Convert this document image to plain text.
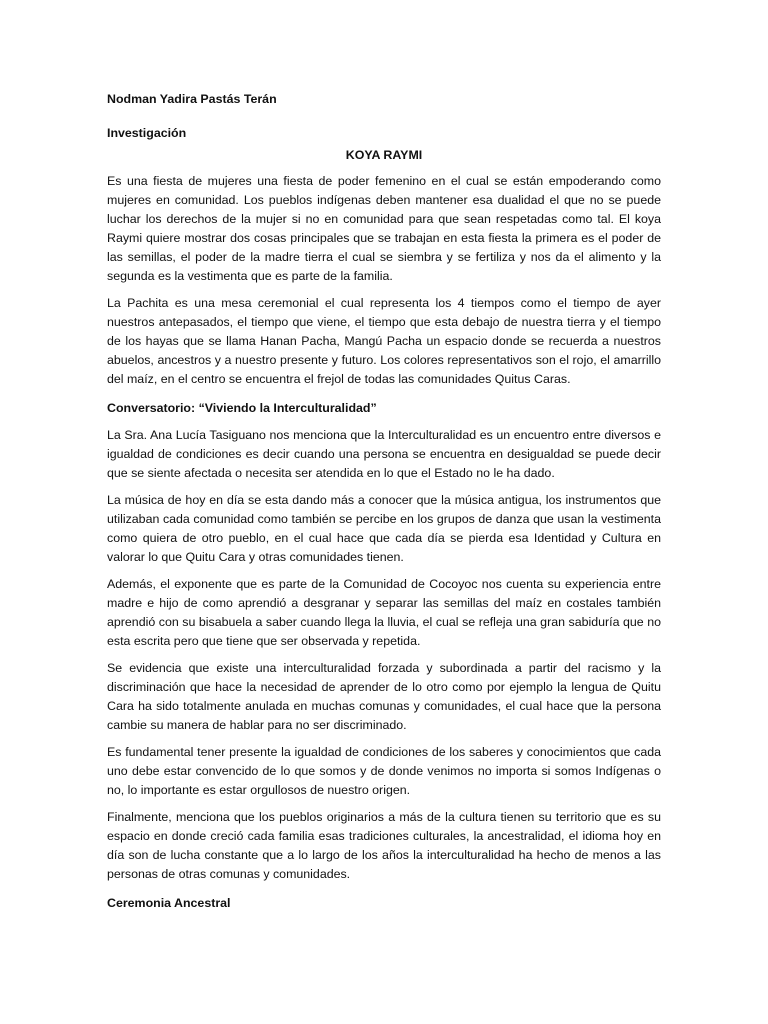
Nodman Yadira Pastás Terán

Investigación

KOYA RAYMI

Es una fiesta de mujeres una fiesta de poder femenino en el cual se están empoderando como mujeres en comunidad. Los pueblos indígenas deben mantener esa dualidad el que no se puede luchar los derechos de la mujer si no en comunidad para que sean respetadas como tal. El koya Raymi quiere mostrar dos cosas principales que se trabajan en esta fiesta la primera es el poder de las semillas, el poder de la madre tierra el cual se siembra y se fertiliza y nos da el alimento y la segunda es la vestimenta que es parte de la familia.

La Pachita es una mesa ceremonial el cual representa los 4 tiempos como el tiempo de ayer nuestros antepasados, el tiempo que viene, el tiempo que esta debajo de nuestra tierra y el tiempo de los hayas que se llama Hanan Pacha, Mangú Pacha un espacio donde se recuerda a nuestros abuelos, ancestros y a nuestro presente y futuro. Los colores representativos son el rojo, el amarrillo del maíz, en el centro se encuentra el frejol de todas las comunidades Quitus Caras.

Conversatorio: “Viviendo la Interculturalidad”

La Sra. Ana Lucía Tasiguano nos menciona que la Interculturalidad es un encuentro entre diversos e igualdad de condiciones es decir cuando una persona se encuentra en desigualdad se puede decir que se siente afectada o necesita ser atendida en lo que el Estado no le ha dado.

La música de hoy en día se esta dando más a conocer que la música antigua, los instrumentos que utilizaban cada comunidad como también se percibe en los grupos de danza que usan la vestimenta como quiera de otro pueblo, en el cual hace que cada día se pierda esa Identidad y Cultura en valorar lo que Quitu Cara y otras comunidades tienen.

Además, el exponente que es parte de la Comunidad de Cocoyoc nos cuenta su experiencia entre madre e hijo de como aprendió a desgranar y separar las semillas del maíz en costales también aprendió con su bisabuela a saber cuando llega la lluvia, el cual se refleja una gran sabiduría que no esta escrita pero que tiene que ser observada y repetida.

Se evidencia que existe una interculturalidad forzada y subordinada a partir del racismo y la discriminación que hace la necesidad de aprender de lo otro como por ejemplo la lengua de Quitu Cara ha sido totalmente anulada en muchas comunas y comunidades, el cual hace que la persona cambie su manera de hablar para no ser discriminado.

Es fundamental tener presente la igualdad de condiciones de los saberes y conocimientos que cada uno debe estar convencido de lo que somos y de donde venimos no importa si somos Indígenas o no, lo importante es estar orgullosos de nuestro origen.

Finalmente, menciona que los pueblos originarios a más de la cultura tienen su territorio que es su espacio en donde creció cada familia esas tradiciones culturales, la ancestralidad, el idioma hoy en día son de lucha constante que a lo largo de los años la interculturalidad ha hecho de menos a las personas de otras comunas y comunidades.

Ceremonia Ancestral
